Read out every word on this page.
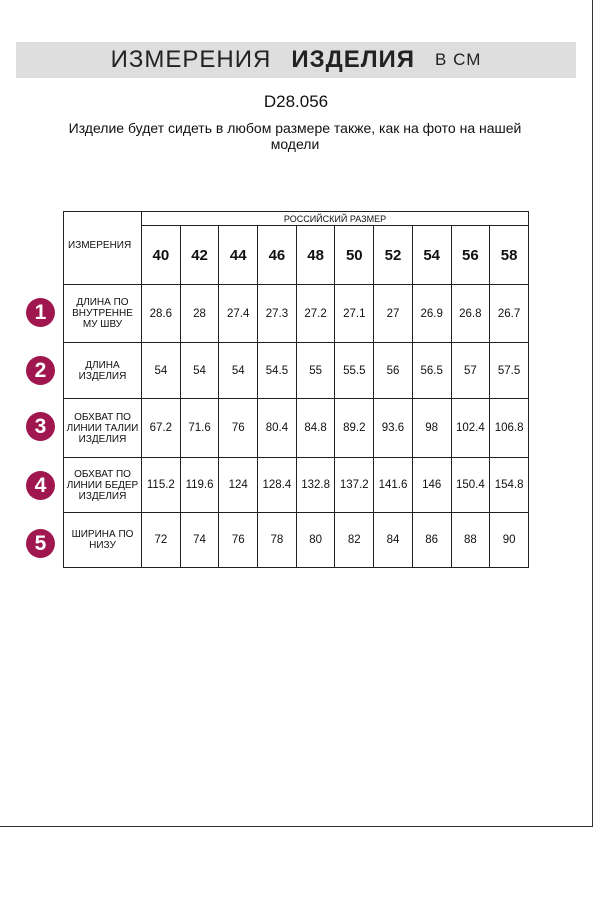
ИЗМЕРЕНИЯ ИЗДЕЛИЯ В СМ
D28.056
Изделие будет сидеть в любом размере также, как на фото на нашей модели
ИЗМЕРЕНИЯ	РОССИЙСКИЙ РАЗМЕР									
	40	42	44	46	48	50	52	54	56	58
ДЛИНА ПО ВНУТРЕННЕ МУ ШВУ	28.6	28	27.4	27.3	27.2	27.1	27	26.9	26.8	26.7
ДЛИНА ИЗДЕЛИЯ	54	54	54	54.5	55	55.5	56	56.5	57	57.5
ОБХВАТ ПО ЛИНИИ ТАЛИИ ИЗДЕЛИЯ	67.2	71.6	76	80.4	84.8	89.2	93.6	98	102.4	106.8
ОБХВАТ ПО ЛИНИИ БЕДЕР ИЗДЕЛИЯ	115.2	119.6	124	128.4	132.8	137.2	141.6	146	150.4	154.8
ШИРИНА ПО НИЗУ	72	74	76	78	80	82	84	86	88	90
1
2
3
4
5
